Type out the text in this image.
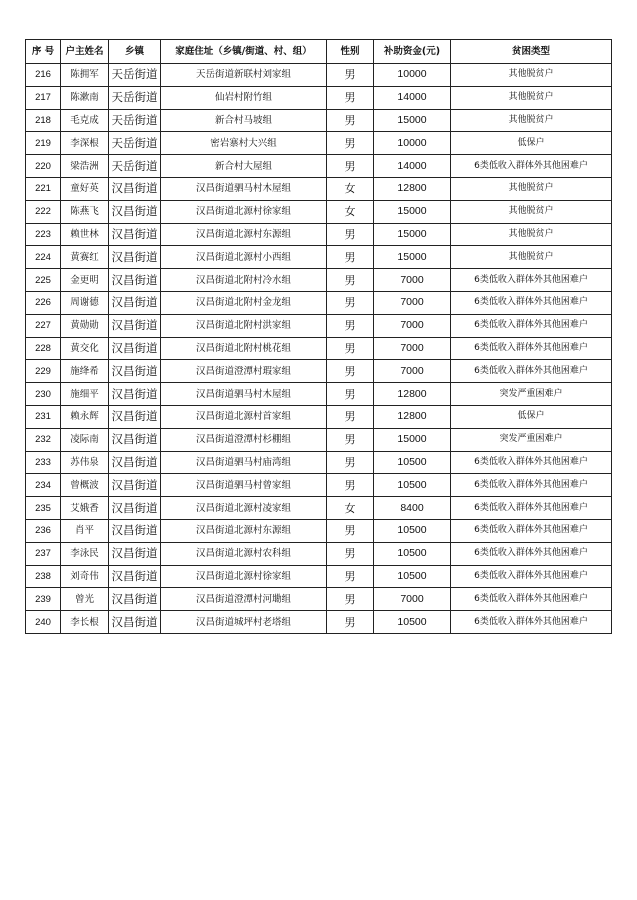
序 号	户主姓名	乡镇	家庭住址（乡镇/街道、村、组）	性别	补助资金(元)	贫困类型
216	陈拥军	天岳街道	天岳街道新联村刘家组	男	10000	其他脱贫户
217	陈漱南	天岳街道	仙岩村附竹组	男	14000	其他脱贫户
218	毛克成	天岳街道	新合村马坡组	男	15000	其他脱贫户
219	李深根	天岳街道	密岩寨村大兴组	男	10000	低保户
220	梁浩洲	天岳街道	新合村大屋组	男	14000	6类低收入群体外其他困难户
221	童好英	汉昌街道	汉昌街道驷马村木屋组	女	12800	其他脱贫户
222	陈燕飞	汉昌街道	汉昌街道北源村徐家组	女	15000	其他脱贫户
223	赖世林	汉昌街道	汉昌街道北源村东源组	男	15000	其他脱贫户
224	黄赛红	汉昌街道	汉昌街道北源村小西组	男	15000	其他脱贫户
225	金更明	汉昌街道	汉昌街道北附村冷水组	男	7000	6类低收入群体外其他困难户
226	周谢德	汉昌街道	汉昌街道北附村金龙组	男	7000	6类低收入群体外其他困难户
227	黄勋勋	汉昌街道	汉昌街道北附村洪家组	男	7000	6类低收入群体外其他困难户
228	黄交化	汉昌街道	汉昌街道北附村桃花组	男	7000	6类低收入群体外其他困难户
229	施绛希	汉昌街道	汉昌街道澄潭村瑕家组	男	7000	6类低收入群体外其他困难户
230	施细平	汉昌街道	汉昌街道驷马村木屋组	男	12800	突发严重困难户
231	赖永辉	汉昌街道	汉昌街道北源村首家组	男	12800	低保户
232	凌际南	汉昌街道	汉昌街道澄潭村杉棚组	男	15000	突发严重困难户
233	苏伟泉	汉昌街道	汉昌街道驷马村庙湾组	男	10500	6类低收入群体外其他困难户
234	曾概波	汉昌街道	汉昌街道驷马村曾家组	男	10500	6类低收入群体外其他困难户
235	艾娥香	汉昌街道	汉昌街道北源村凌家组	女	8400	6类低收入群体外其他困难户
236	肖平	汉昌街道	汉昌街道北源村东源组	男	10500	6类低收入群体外其他困难户
237	李泳民	汉昌街道	汉昌街道北源村农科组	男	10500	6类低收入群体外其他困难户
238	刘奇伟	汉昌街道	汉昌街道北源村徐家组	男	10500	6类低收入群体外其他困难户
239	曾光	汉昌街道	汉昌街道澄潭村河墈组	男	7000	6类低收入群体外其他困难户
240	李长根	汉昌街道	汉昌街道城坪村老塔组	男	10500	6类低收入群体外其他困难户
